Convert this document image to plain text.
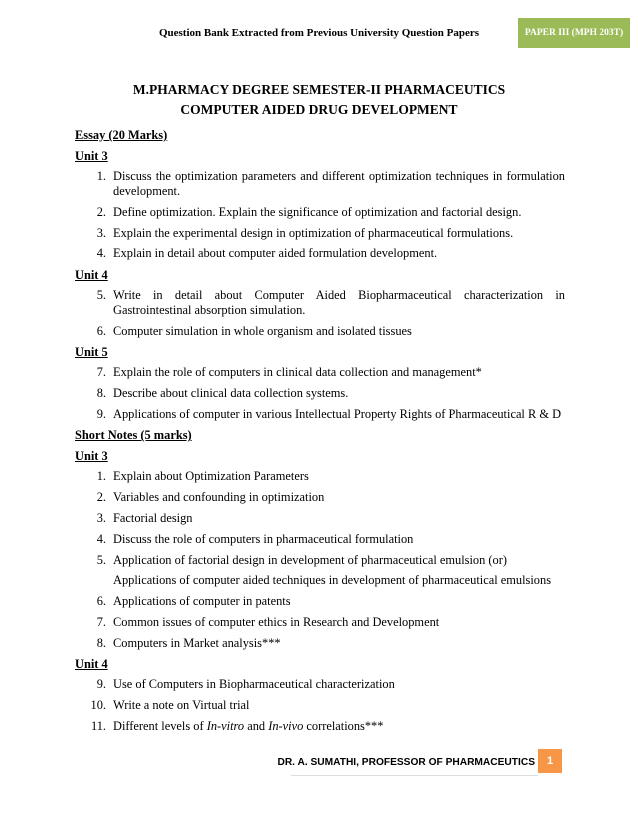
Question Bank Extracted from Previous University Question Papers	PAPER III (MPH 203T)
M.PHARMACY DEGREE SEMESTER-II PHARMACEUTICS
COMPUTER AIDED DRUG DEVELOPMENT
Essay (20 Marks)
Unit 3
1. Discuss the optimization parameters and different optimization techniques in formulation development.
2. Define optimization. Explain the significance of optimization and factorial design.
3. Explain the experimental design in optimization of pharmaceutical formulations.
4. Explain in detail about computer aided formulation development.
Unit 4
5. Write in detail about Computer Aided Biopharmaceutical characterization in Gastrointestinal absorption simulation.
6. Computer simulation in whole organism and isolated tissues
Unit 5
7. Explain the role of computers in clinical data collection and management*
8. Describe about clinical data collection systems.
9. Applications of computer in various Intellectual Property Rights of Pharmaceutical R & D
Short Notes (5 marks)
Unit 3
1. Explain about Optimization Parameters
2. Variables and confounding in optimization
3. Factorial design
4. Discuss the role of computers in pharmaceutical formulation
5. Application of factorial design in development of pharmaceutical emulsion (or)
Applications of computer aided techniques in development of pharmaceutical emulsions
6. Applications of computer in patents
7. Common issues of computer ethics in Research and Development
8. Computers in Market analysis***
Unit 4
9. Use of Computers in Biopharmaceutical characterization
10. Write a note on Virtual trial
11. Different levels of In-vitro and In-vivo correlations***
DR. A. SUMATHI, PROFESSOR OF PHARMACEUTICS	1
